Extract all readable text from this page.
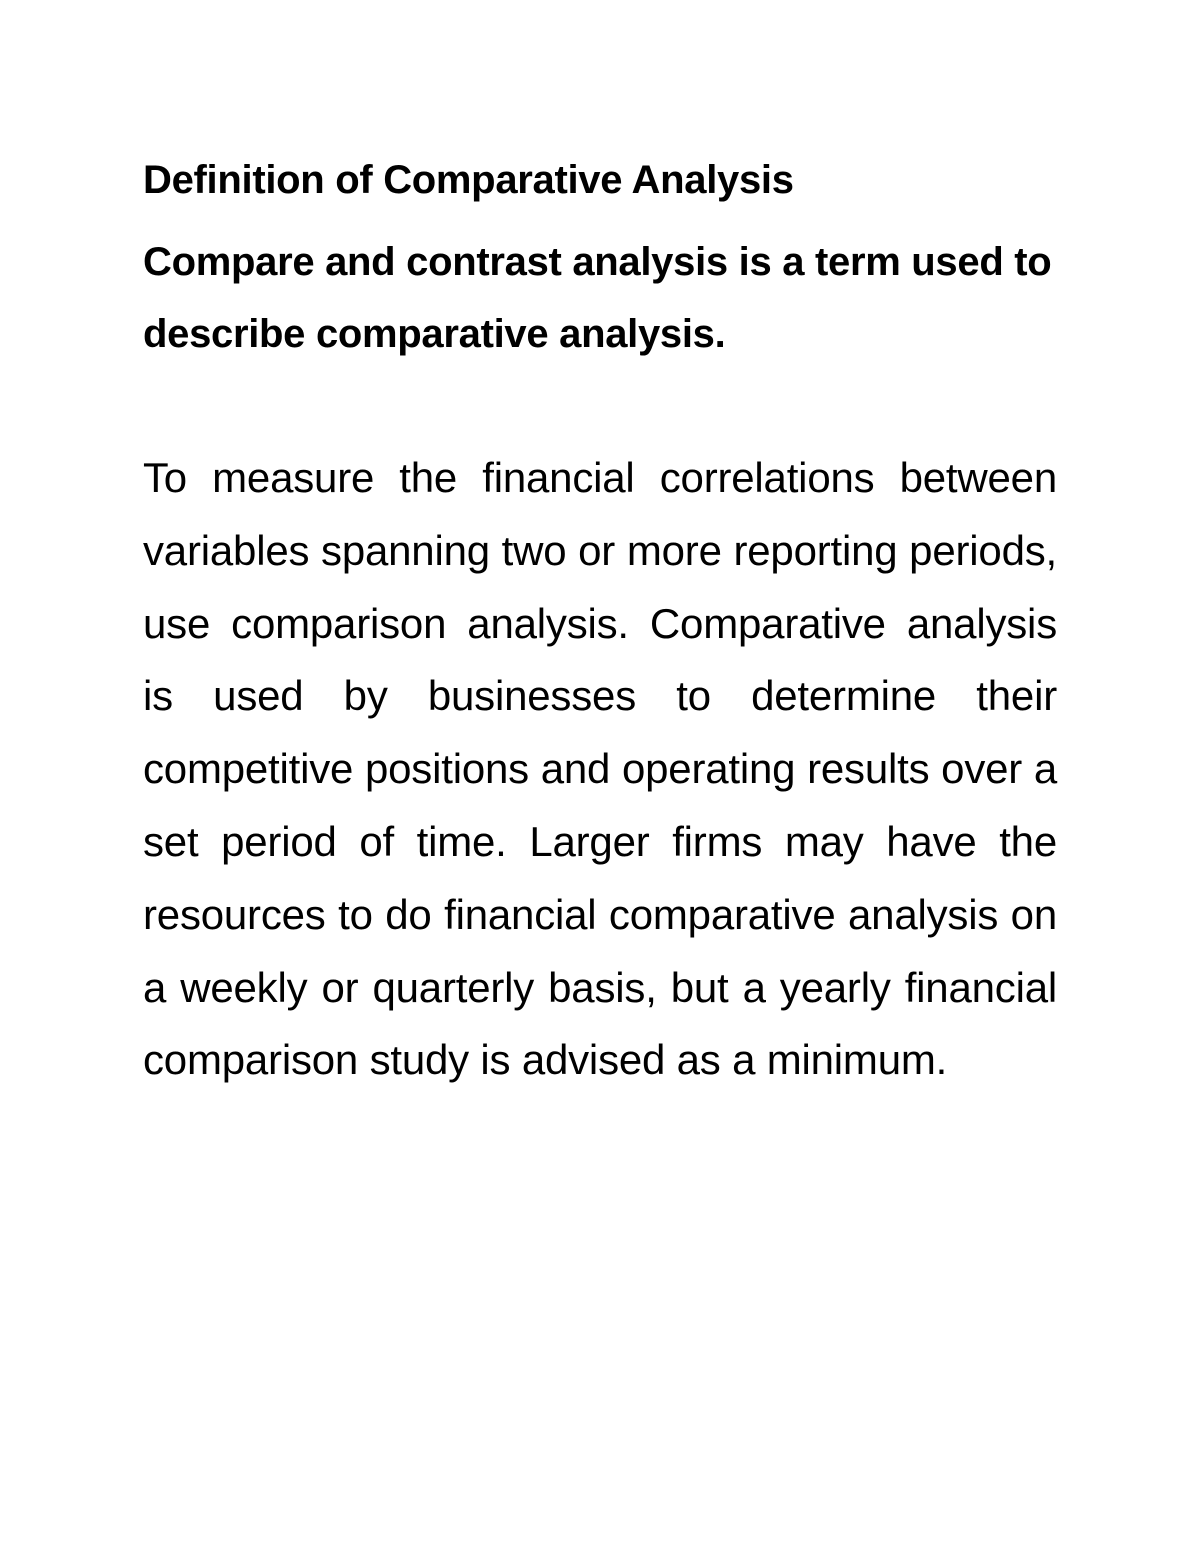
Definition of Comparative Analysis

Compare and contrast analysis is a term used to describe comparative analysis.

To measure the financial correlations between variables spanning two or more reporting periods, use comparison analysis. Comparative analysis is used by businesses to determine their competitive positions and operating results over a set period of time. Larger firms may have the resources to do financial comparative analysis on a weekly or quarterly basis, but a yearly financial comparison study is advised as a minimum.
